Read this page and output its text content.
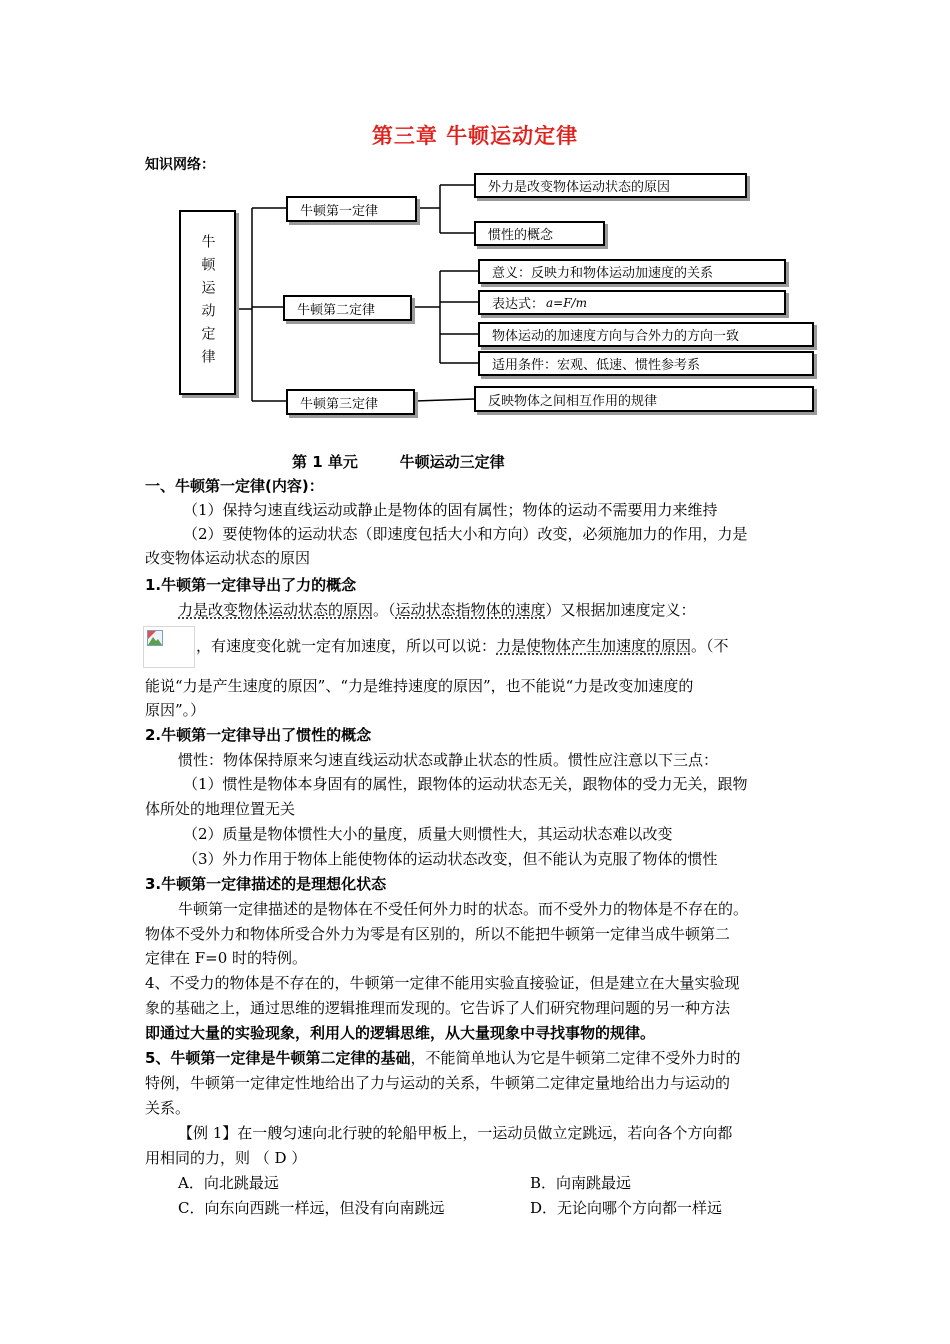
第三章 牛顿运动定律
知识网络：
牛顿运动定律
牛顿第一定律
外力是改变物体运动状态的原因
惯性的概念
牛顿第二定律
意义：反映力和物体运动加速度的关系
表达式： a=F/m
物体运动的加速度方向与合外力的方向一致
适用条件：宏观、低速、惯性参考系
牛顿第三定律	反映物体之间相互作用的规律
第 1 单元        牛顿运动三定律
一、牛顿第一定律(内容)：
（1）保持匀速直线运动或静止是物体的固有属性；物体的运动不需要用力来维持
（2）要使物体的运动状态（即速度包括大小和方向）改变，必须施加力的作用，力是
改变物体运动状态的原因
1.牛顿第一定律导出了力的概念
力是改变物体运动状态的原因。（运动状态指物体的速度）又根据加速度定义：
，有速度变化就一定有加速度，所以可以说：力是使物体产生加速度的原因。（不
能说“力是产生速度的原因”、“力是维持速度的原因”，也不能说“力是改变加速度的
原因”。）
2.牛顿第一定律导出了惯性的概念
惯性：物体保持原来匀速直线运动状态或静止状态的性质。惯性应注意以下三点：
（1）惯性是物体本身固有的属性，跟物体的运动状态无关，跟物体的受力无关，跟物
体所处的地理位置无关
（2）质量是物体惯性大小的量度，质量大则惯性大，其运动状态难以改变
（3）外力作用于物体上能使物体的运动状态改变，但不能认为克服了物体的惯性
3.牛顿第一定律描述的是理想化状态
牛顿第一定律描述的是物体在不受任何外力时的状态。而不受外力的物体是不存在的。
物体不受外力和物体所受合外力为零是有区别的，所以不能把牛顿第一定律当成牛顿第二
定律在 F=0 时的特例。
4、不受力的物体是不存在的，牛顿第一定律不能用实验直接验证，但是建立在大量实验现
象的基础之上，通过思维的逻辑推理而发现的。它告诉了人们研究物理问题的另一种方法
即通过大量的实验现象，利用人的逻辑思维，从大量现象中寻找事物的规律。
5、牛顿第一定律是牛顿第二定律的基础，不能简单地认为它是牛顿第二定律不受外力时的
特例，牛顿第一定律定性地给出了力与运动的关系，牛顿第二定律定量地给出力与运动的
关系。
【例 1】在一艘匀速向北行驶的轮船甲板上，一运动员做立定跳远，若向各个方向都
用相同的力，则 （ D ）
A．向北跳最远	B．向南跳最远
C．向东向西跳一样远，但没有向南跳远	D．无论向哪个方向都一样远
